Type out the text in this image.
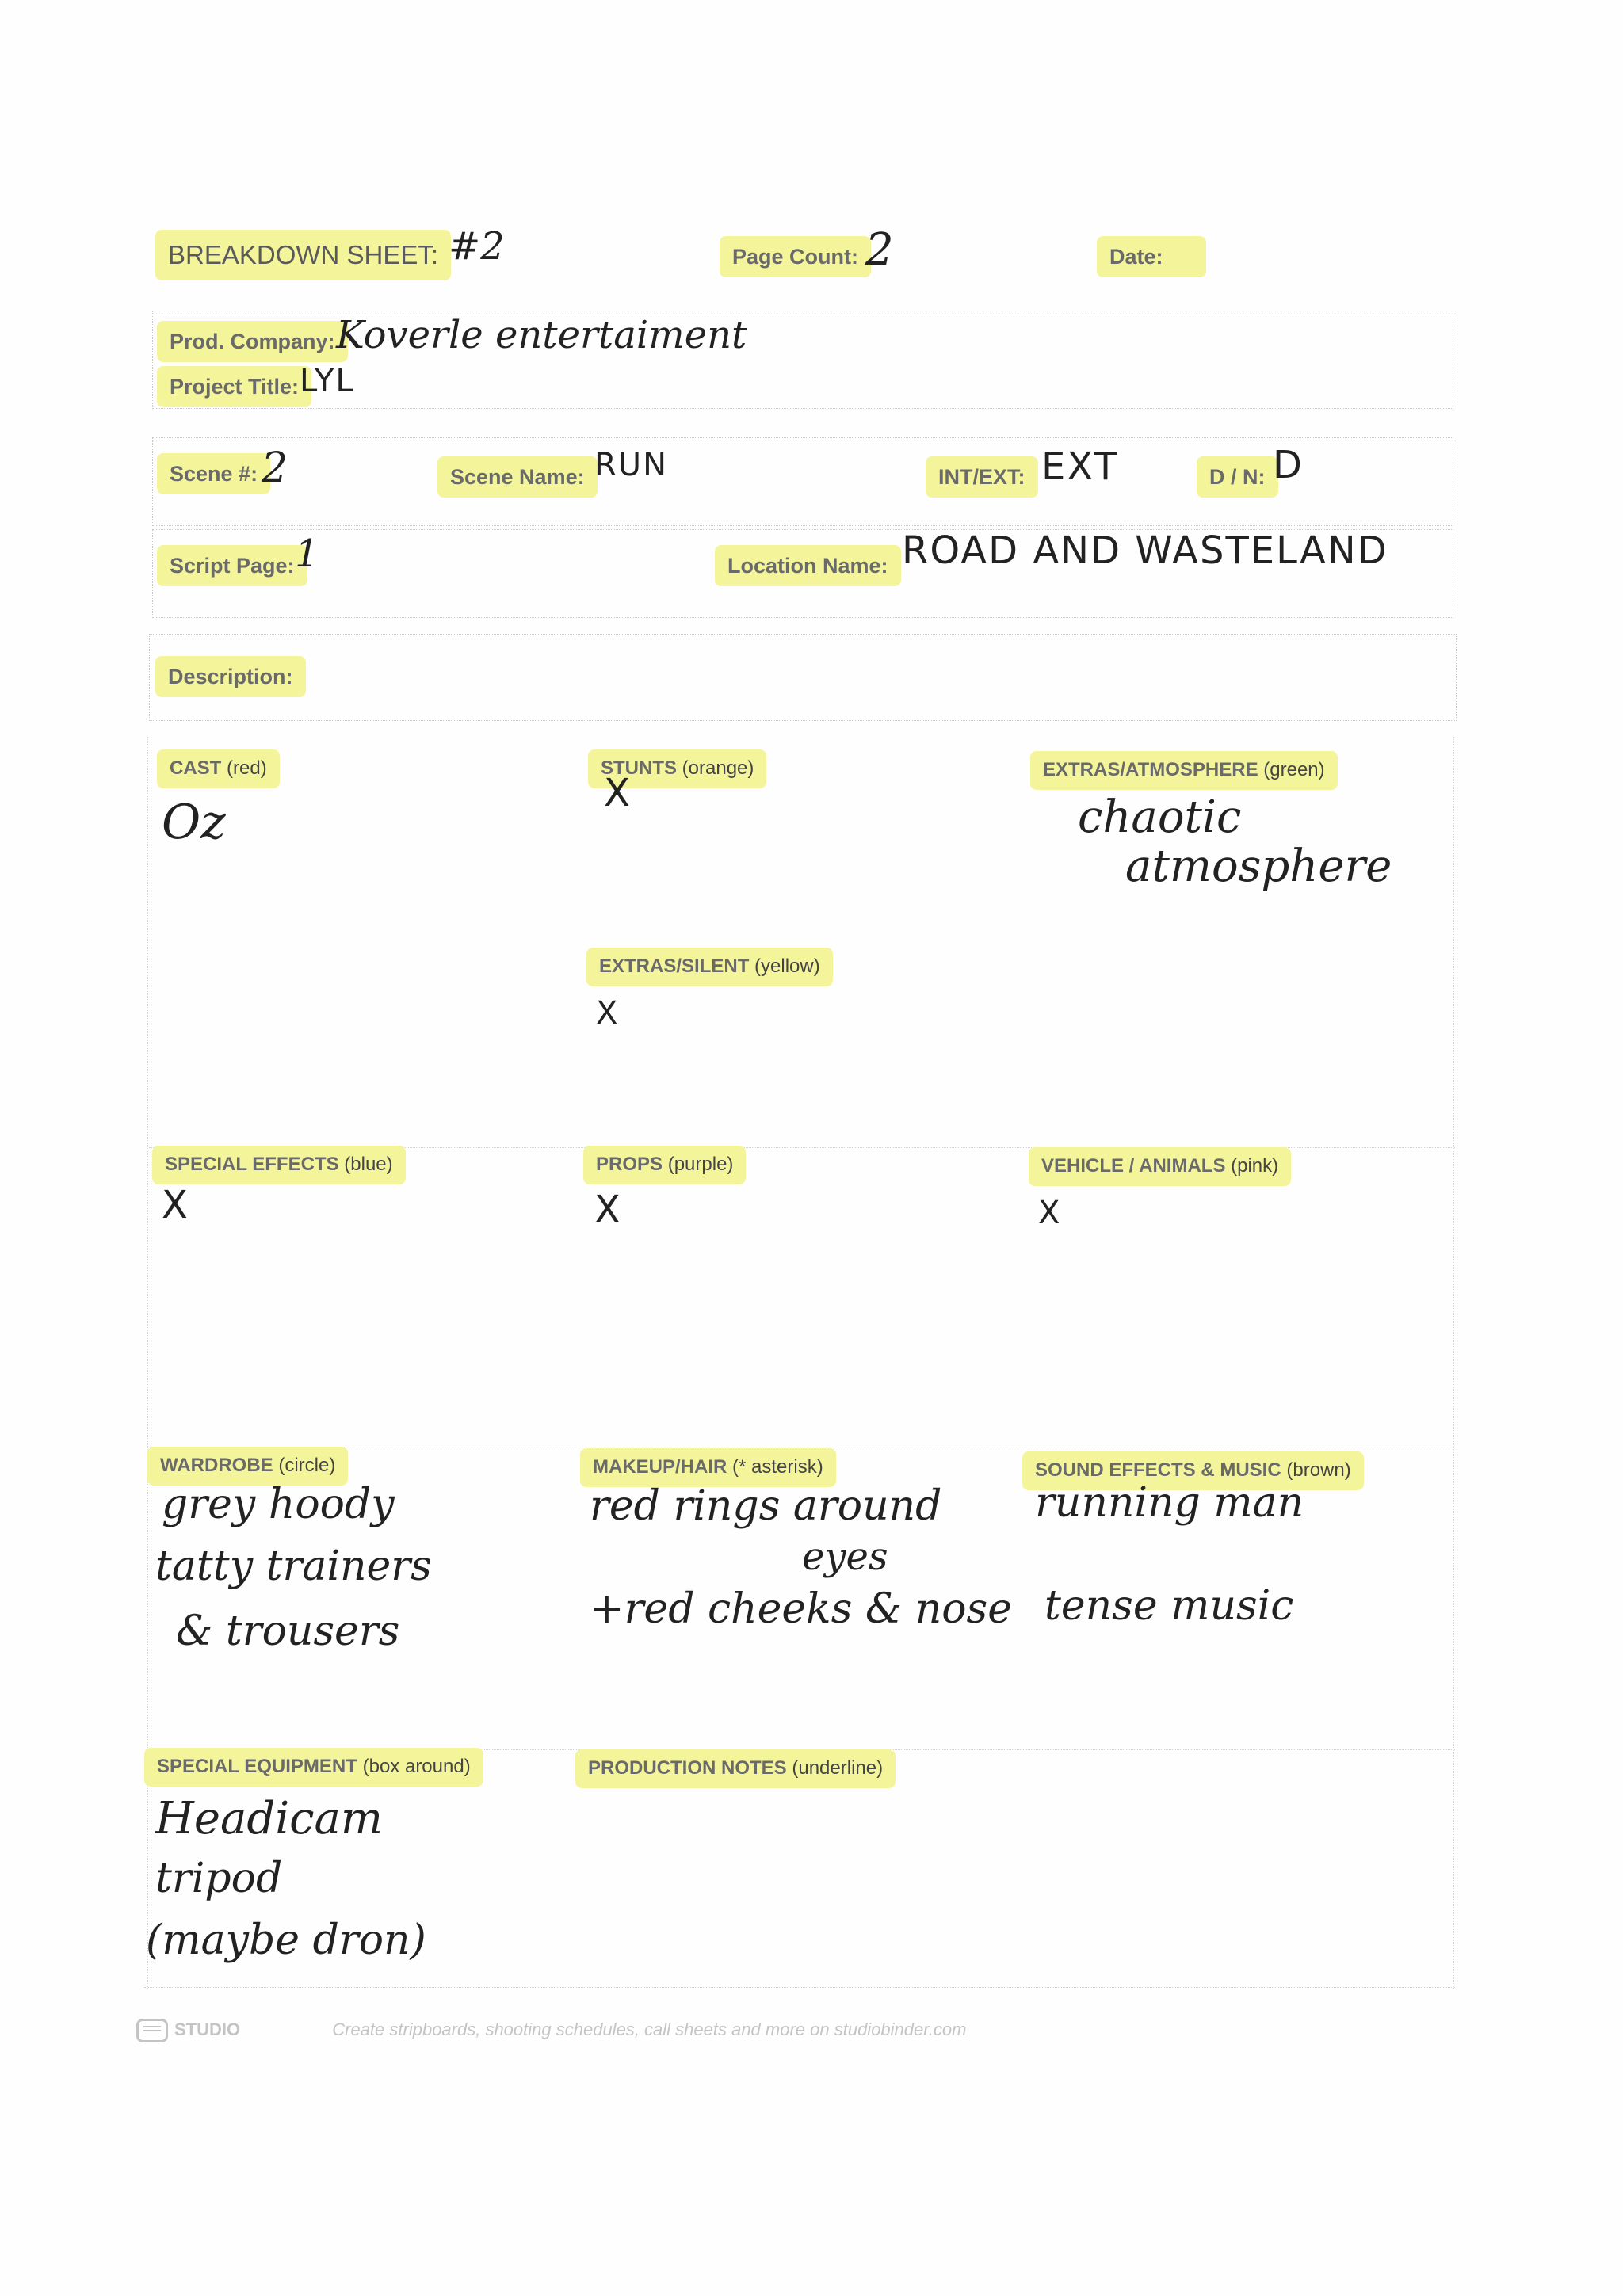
BREAKDOWN SHEET: #2	Page Count: 2	Date:
Prod. Company: Koverle entertaiment
Project Title: LYL
Scene #: 2	Scene Name: RUN	INT/EXT: EXT	D / N: D
Script Page: 1	Location Name: ROAD AND WASTELAND
Description:
CAST (red)
Oz
STUNTS (orange)
X
EXTRAS/ATMOSPHERE (green)
chaotic
atmosphere
EXTRAS/SILENT (yellow)
X
SPECIAL EFFECTS (blue)
X
PROPS (purple)
X
VEHICLE / ANIMALS (pink)
X
WARDROBE (circle)
grey hoody
tatty trainers
& trousers
MAKEUP/HAIR (* asterisk)
red rings around
eyes
+red cheeks & nose
SOUND EFFECTS & MUSIC (brown)
running man
tense music
SPECIAL EQUIPMENT (box around)
Headicam
tripod
(maybe dron)
PRODUCTION NOTES (underline)
STUDIO	Create stripboards, shooting schedules, call sheets and more on studiobinder.com
